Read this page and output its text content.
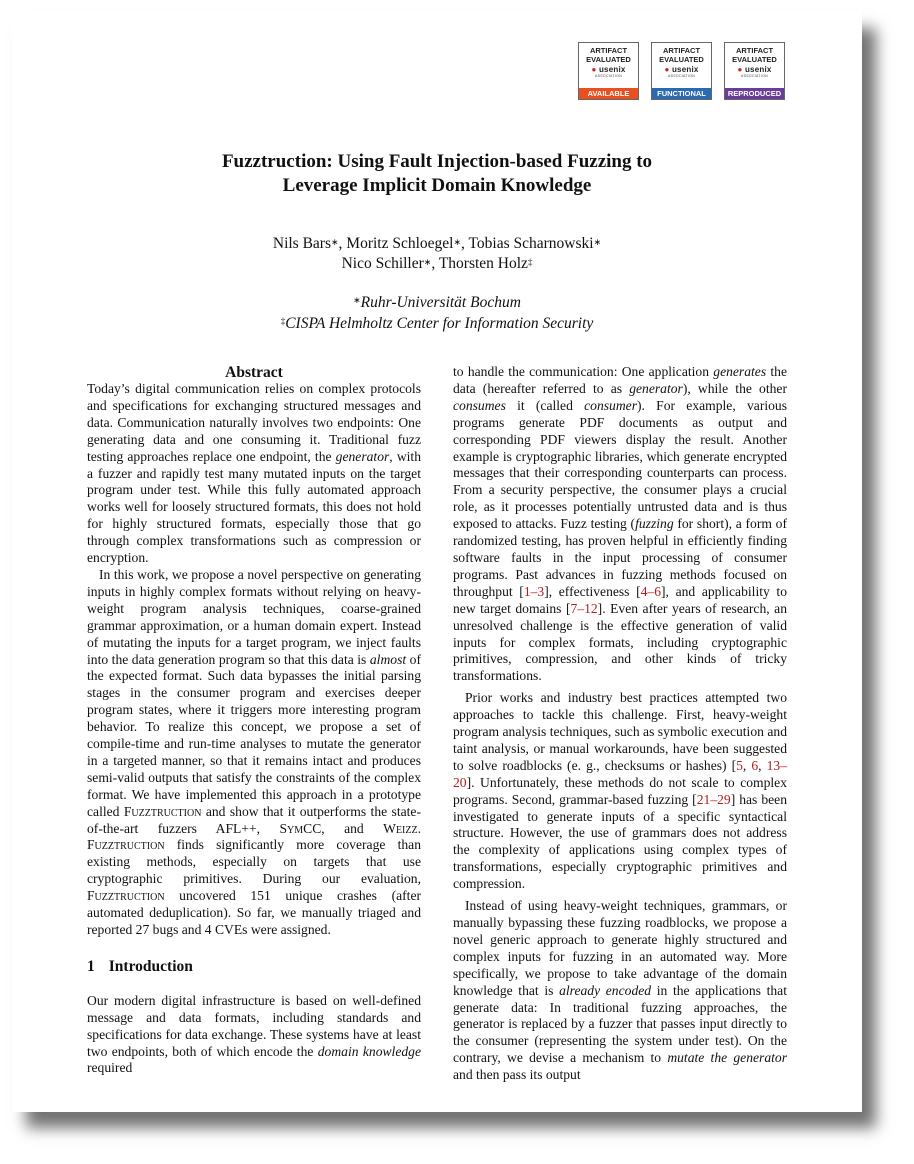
ARTIFACT
EVALUATED
● usenix
ASSOCIATION
AVAILABLE
ARTIFACT
EVALUATED
● usenix
ASSOCIATION
FUNCTIONAL
ARTIFACT
EVALUATED
● usenix
ASSOCIATION
REPRODUCED
Fuzztruction: Using Fault Injection-based Fuzzing to
Leverage Implicit Domain Knowledge
Nils Bars∗, Moritz Schloegel∗, Tobias Scharnowski∗
Nico Schiller∗, Thorsten Holz‡
∗Ruhr-Universität Bochum
‡CISPA Helmholtz Center for Information Security
Abstract

Today’s digital communication relies on complex protocols and specifications for exchanging structured messages and data. Communication naturally involves two endpoints: One generating data and one consuming it. Traditional fuzz testing approaches replace one endpoint, the generator, with a fuzzer and rapidly test many mutated inputs on the target program under test. While this fully automated approach works well for loosely structured formats, this does not hold for highly structured formats, especially those that go through complex transformations such as compression or encryption.

In this work, we propose a novel perspective on generating inputs in highly complex formats without relying on heavy-weight program analysis techniques, coarse-grained grammar approximation, or a human domain expert. Instead of mutating the inputs for a target program, we inject faults into the data generation program so that this data is almost of the expected format. Such data bypasses the initial parsing stages in the consumer program and exercises deeper program states, where it triggers more interesting program behavior. To realize this concept, we propose a set of compile-time and run-time analyses to mutate the generator in a targeted manner, so that it remains intact and produces semi-valid outputs that satisfy the constraints of the complex format. We have implemented this approach in a prototype called Fuzztruction and show that it outperforms the state-of-the-art fuzzers AFL++, SymCC, and Weizz. Fuzztruction finds significantly more coverage than existing methods, especially on targets that use cryptographic primitives. During our evaluation, Fuzztruction uncovered 151 unique crashes (after automated deduplication). So far, we manually triaged and reported 27 bugs and 4 CVEs were assigned.

1 Introduction

Our modern digital infrastructure is based on well-defined message and data formats, including standards and specifications for data exchange. These systems have at least two endpoints, both of which encode the domain knowledge required

to handle the communication: One application generates the data (hereafter referred to as generator), while the other consumes it (called consumer). For example, various programs generate PDF documents as output and corresponding PDF viewers display the result. Another example is cryptographic libraries, which generate encrypted messages that their corresponding counterparts can process. From a security perspective, the consumer plays a crucial role, as it processes potentially untrusted data and is thus exposed to attacks. Fuzz testing (fuzzing for short), a form of randomized testing, has proven helpful in efficiently finding software faults in the input processing of consumer programs. Past advances in fuzzing methods focused on throughput [1–3], effectiveness [4–6], and applicability to new target domains [7–12]. Even after years of research, an unresolved challenge is the effective generation of valid inputs for complex formats, including cryptographic primitives, compression, and other kinds of tricky transformations.

Prior works and industry best practices attempted two approaches to tackle this challenge. First, heavy-weight program analysis techniques, such as symbolic execution and taint analysis, or manual workarounds, have been suggested to solve roadblocks (e. g., checksums or hashes) [5, 6, 13–20]. Unfortunately, these methods do not scale to complex programs. Second, grammar-based fuzzing [21–29] has been investigated to generate inputs of a specific syntactical structure. However, the use of grammars does not address the complexity of applications using complex types of transformations, especially cryptographic primitives and compression.

Instead of using heavy-weight techniques, grammars, or manually bypassing these fuzzing roadblocks, we propose a novel generic approach to generate highly structured and complex inputs for fuzzing in an automated way. More specifically, we propose to take advantage of the domain knowledge that is already encoded in the applications that generate data: In traditional fuzzing approaches, the generator is replaced by a fuzzer that passes input directly to the consumer (representing the system under test). On the contrary, we devise a mechanism to mutate the generator and then pass its output
